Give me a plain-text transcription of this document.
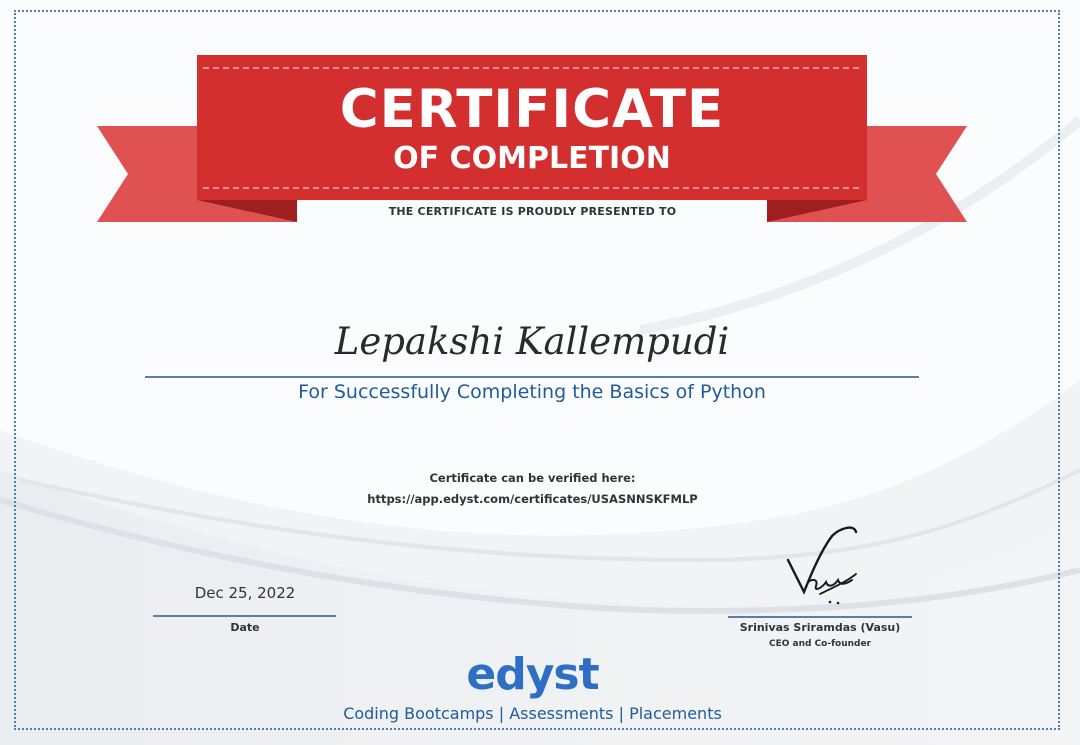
CERTIFICATE
OF COMPLETION
THE CERTIFICATE IS PROUDLY PRESENTED TO
Lepakshi Kallempudi
For Successfully Completing the Basics of Python
Certificate can be verified here:
https://app.edyst.com/certificates/USASNNSKFMLP
Dec 25, 2022
Date	Srinivas Sriramdas (Vasu)
CEO and Co-founder
edyst
Coding Bootcamps | Assessments | Placements
